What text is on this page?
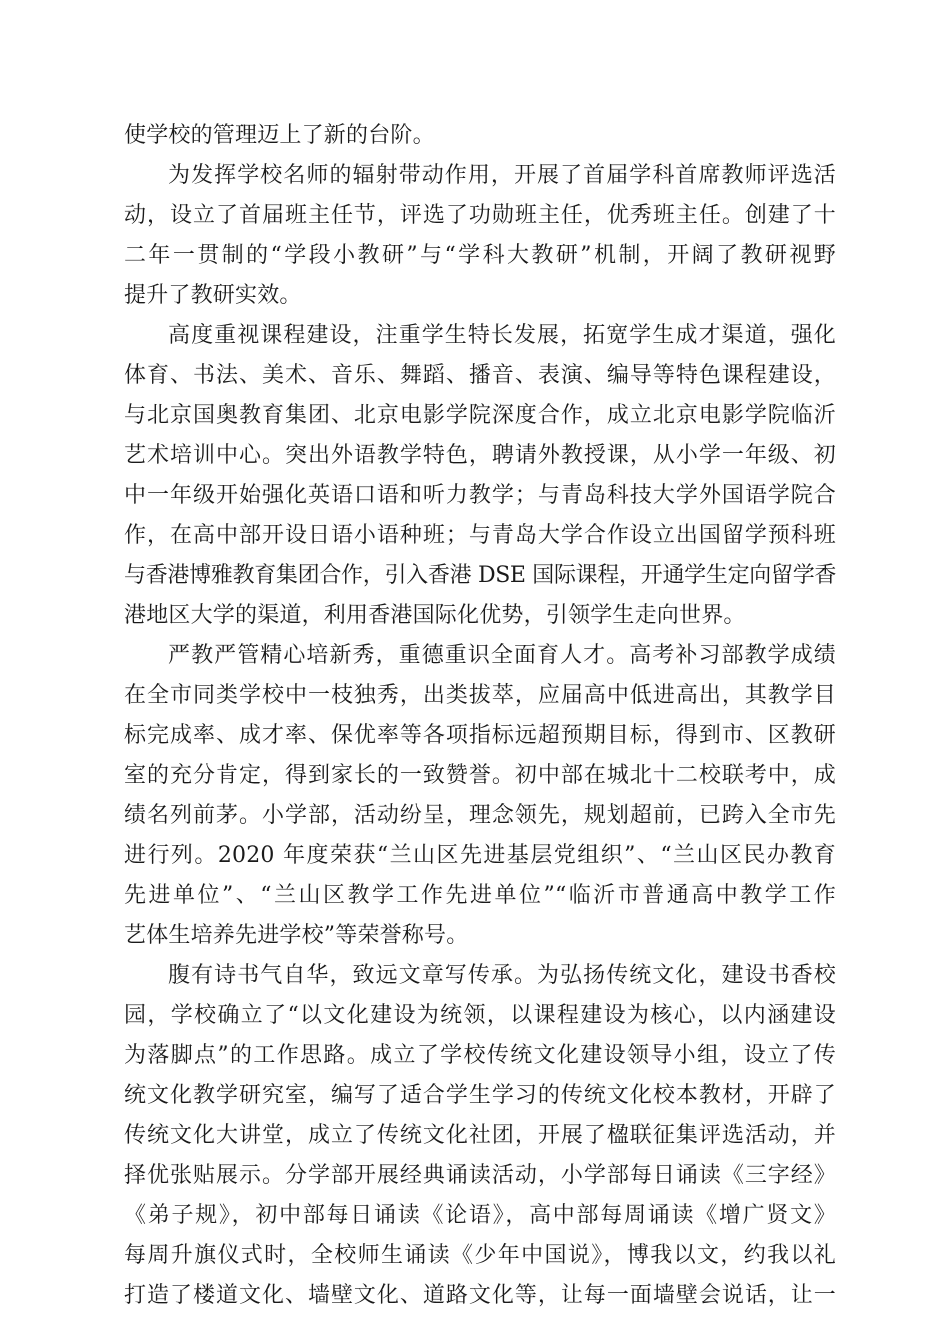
使学校的管理迈上了新的台阶。
为发挥学校名师的辐射带动作用，开展了首届学科首席教师评选活
动，设立了首届班主任节，评选了功勋班主任，优秀班主任。创建了十
二年一贯制的“学段小教研”与“学科大教研”机制，开阔了教研视野
提升了教研实效。
高度重视课程建设，注重学生特长发展，拓宽学生成才渠道，强化
体育、书法、美术、音乐、舞蹈、播音、表演、编导等特色课程建设，
与北京国奥教育集团、北京电影学院深度合作，成立北京电影学院临沂
艺术培训中心。突出外语教学特色，聘请外教授课，从小学一年级、初
中一年级开始强化英语口语和听力教学；与青岛科技大学外国语学院合
作，在高中部开设日语小语种班；与青岛大学合作设立出国留学预科班
与香港博雅教育集团合作，引入香港 DSE 国际课程，开通学生定向留学香
港地区大学的渠道，利用香港国际化优势，引领学生走向世界。
严教严管精心培新秀，重德重识全面育人才。高考补习部教学成绩
在全市同类学校中一枝独秀，出类拔萃，应届高中低进高出，其教学目
标完成率、成才率、保优率等各项指标远超预期目标，得到市、区教研
室的充分肯定，得到家长的一致赞誉。初中部在城北十二校联考中，成
绩名列前茅。小学部，活动纷呈，理念领先，规划超前，已跨入全市先
进行列。2020 年度荣获“兰山区先进基层党组织”、“兰山区民办教育
先进单位”、“兰山区教学工作先进单位”“临沂市普通高中教学工作
艺体生培养先进学校”等荣誉称号。
腹有诗书气自华，致远文章写传承。为弘扬传统文化，建设书香校
园，学校确立了“以文化建设为统领，以课程建设为核心，以内涵建设
为落脚点”的工作思路。成立了学校传统文化建设领导小组，设立了传
统文化教学研究室，编写了适合学生学习的传统文化校本教材，开辟了
传统文化大讲堂，成立了传统文化社团，开展了楹联征集评选活动，并
择优张贴展示。分学部开展经典诵读活动，小学部每日诵读《三字经》
《弟子规》，初中部每日诵读《论语》，高中部每周诵读《增广贤文》
每周升旗仪式时，全校师生诵读《少年中国说》，博我以文，约我以礼
打造了楼道文化、墙壁文化、道路文化等，让每一面墙壁会说话，让一
